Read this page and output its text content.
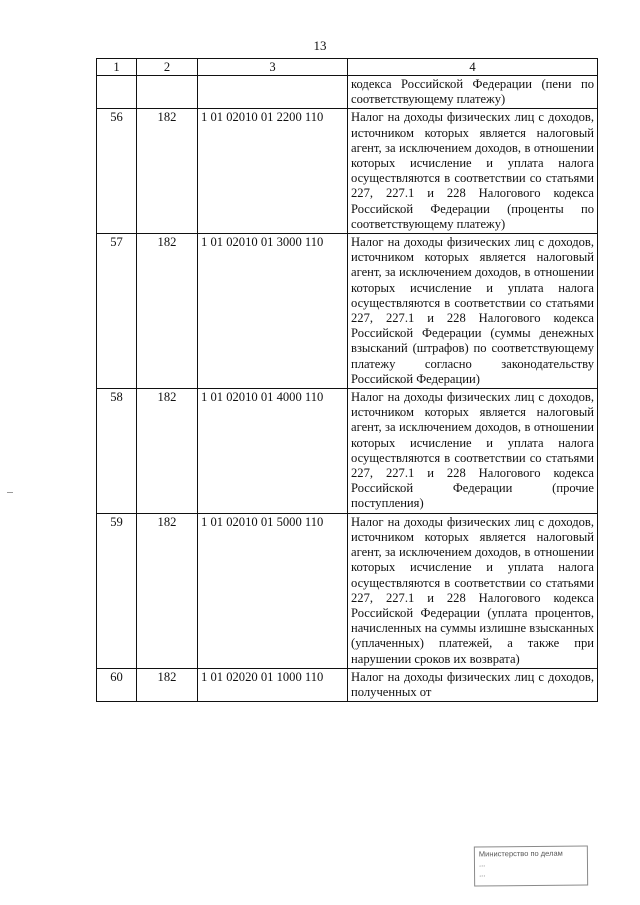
13
1	2	3	4
			кодекса Российской Федерации (пени по соответствующему платежу)
56	182	1 01 02010 01 2200 110	Налог на доходы физических лиц с доходов, источником которых является налоговый агент, за исключением доходов, в отношении которых исчисление и уплата налога осуществляются в соответствии со статьями 227, 227.1 и 228 Налогового кодекса Российской Федерации (проценты по соответствующему платежу)
57	182	1 01 02010 01 3000 110	Налог на доходы физических лиц с доходов, источником которых является налоговый агент, за исключением доходов, в отношении которых исчисление и уплата налога осуществляются в соответствии со статьями 227, 227.1 и 228 Налогового кодекса Российской Федерации (суммы денежных взысканий (штрафов) по соответствующему платежу согласно законодательству Российской Федерации)
58	182	1 01 02010 01 4000 110	Налог на доходы физических лиц с доходов, источником которых является налоговый агент, за исключением доходов, в отношении которых исчисление и уплата налога осуществляются в соответствии со статьями 227, 227.1 и 228 Налогового кодекса Российской Федерации (прочие поступления)
59	182	1 01 02010 01 5000 110	Налог на доходы физических лиц с доходов, источником которых является налоговый агент, за исключением доходов, в отношении которых исчисление и уплата налога осуществляются в соответствии со статьями 227, 227.1 и 228 Налогового кодекса Российской Федерации (уплата процентов, начисленных на суммы излишне взысканных (уплаченных) платежей, а также при нарушении сроков их возврата)
60	182	1 01 02020 01 1000 110	Налог на доходы физических лиц с доходов, полученных от
Министерство по делам
...
...
